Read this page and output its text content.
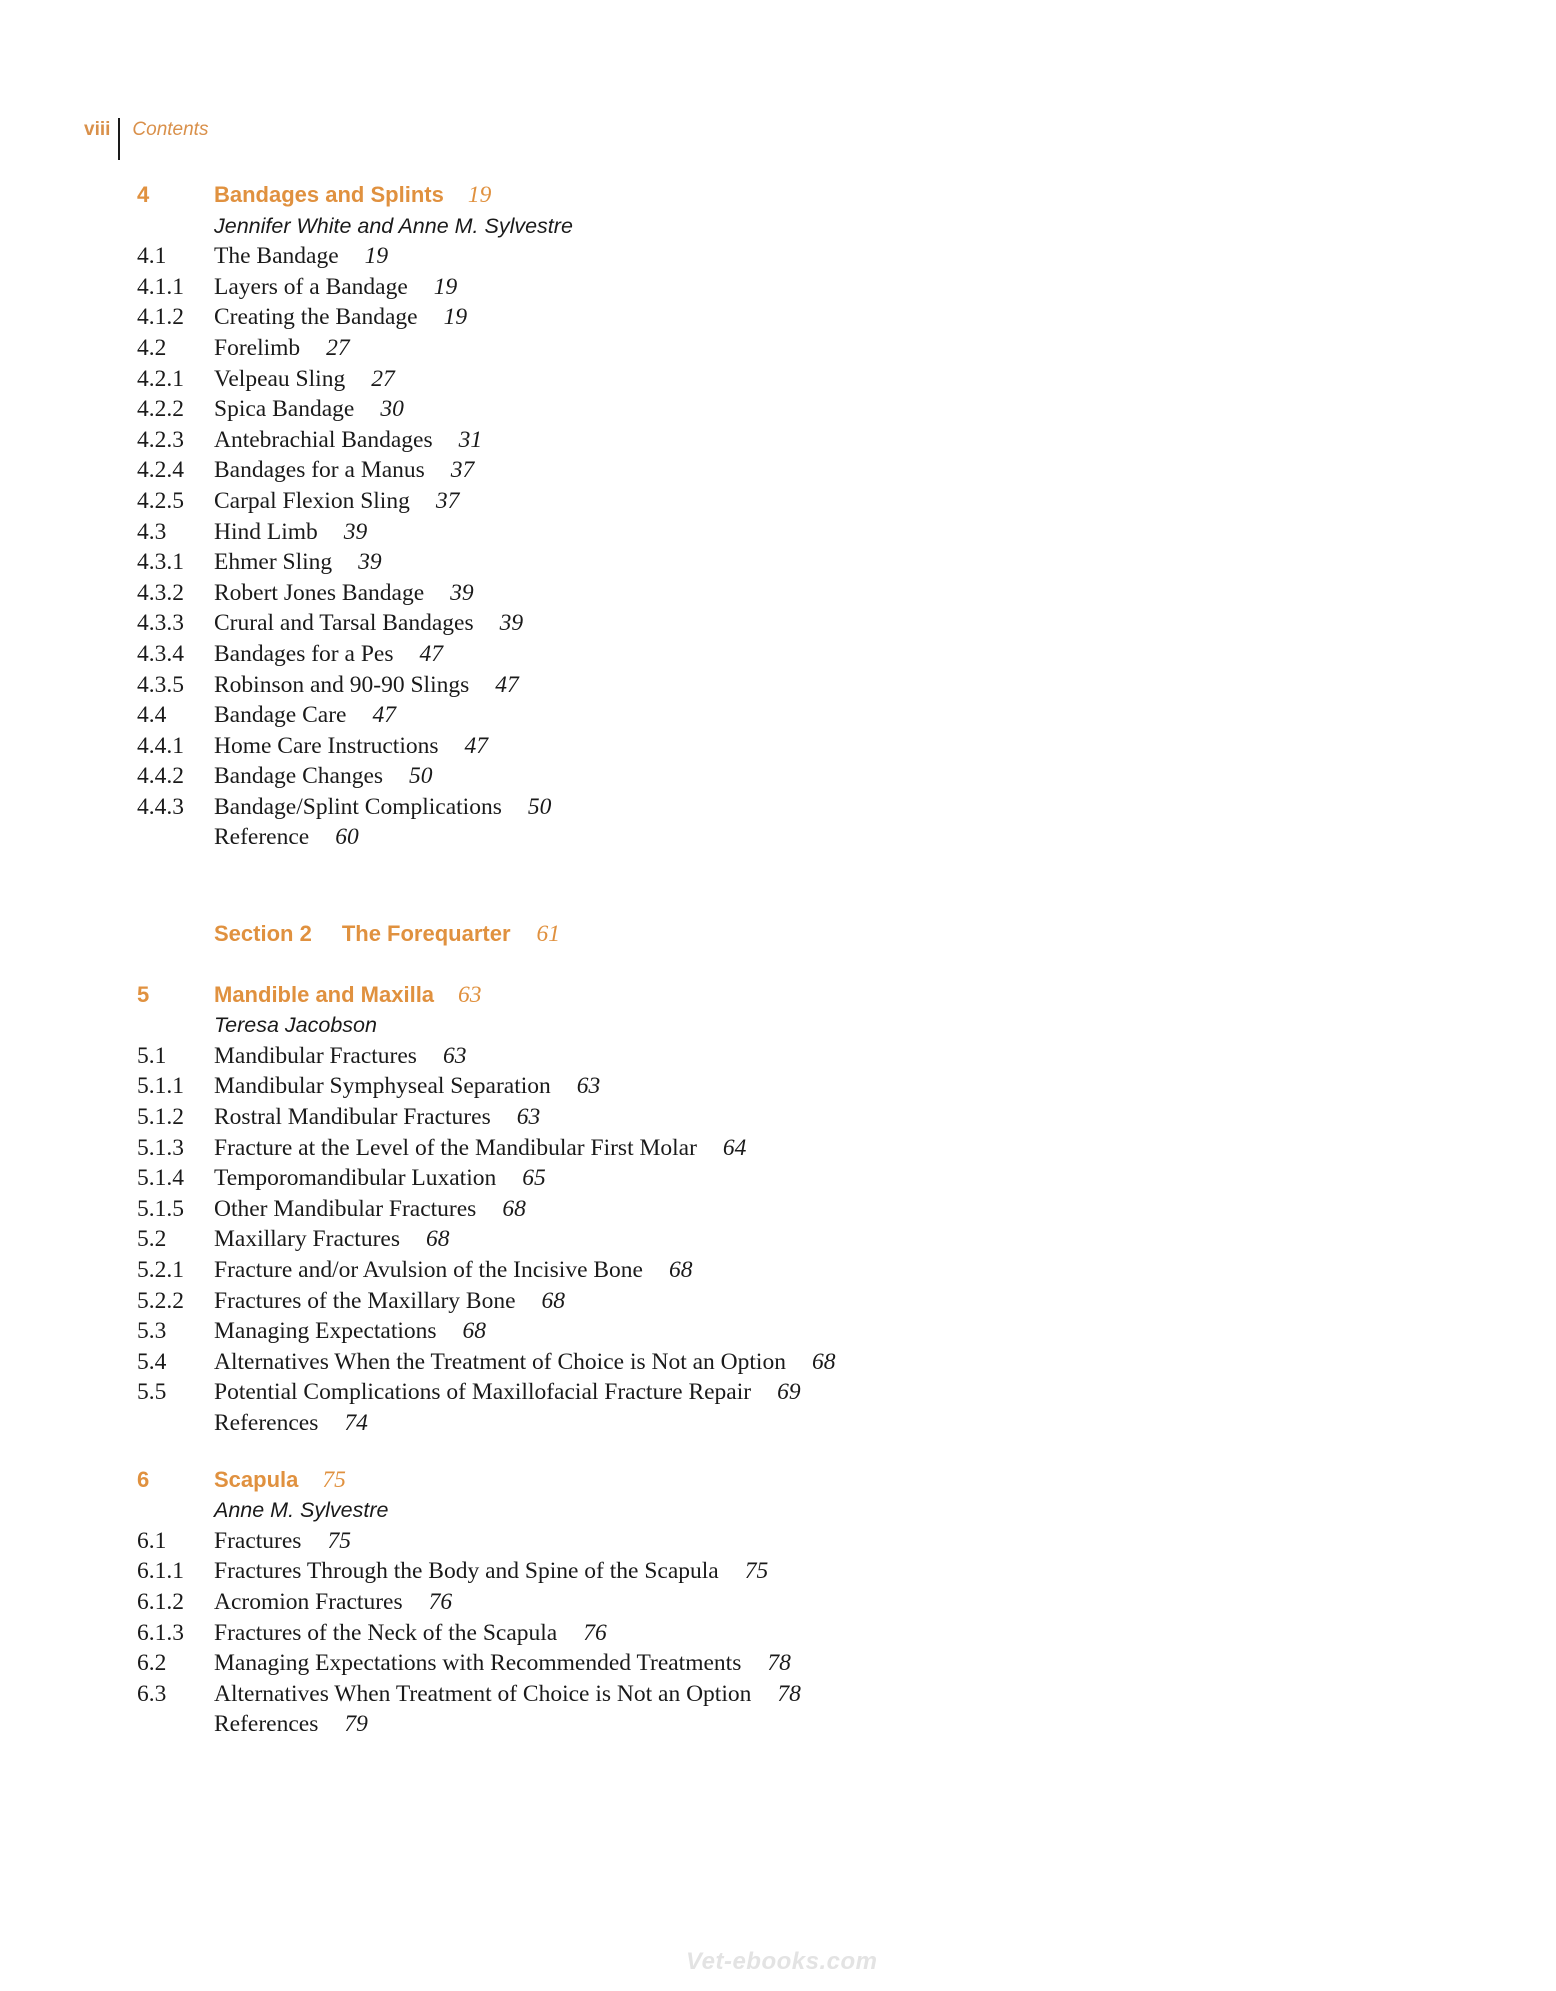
viii	Contents
4	Bandages and Splints 19
Jennifer White and Anne M. Sylvestre
4.1	The Bandage 19
4.1.1	Layers of a Bandage 19
4.1.2	Creating the Bandage 19
4.2	Forelimb 27
4.2.1	Velpeau Sling 27
4.2.2	Spica Bandage 30
4.2.3	Antebrachial Bandages 31
4.2.4	Bandages for a Manus 37
4.2.5	Carpal Flexion Sling 37
4.3	Hind Limb 39
4.3.1	Ehmer Sling 39
4.3.2	Robert Jones Bandage 39
4.3.3	Crural and Tarsal Bandages 39
4.3.4	Bandages for a Pes 47
4.3.5	Robinson and 90-90 Slings 47
4.4	Bandage Care 47
4.4.1	Home Care Instructions 47
4.4.2	Bandage Changes 50
4.4.3	Bandage/Splint Complications 50
Reference 60
Section 2 The Forequarter 61
5	Mandible and Maxilla 63
Teresa Jacobson
5.1	Mandibular Fractures 63
5.1.1	Mandibular Symphyseal Separation 63
5.1.2	Rostral Mandibular Fractures 63
5.1.3	Fracture at the Level of the Mandibular First Molar 64
5.1.4	Temporomandibular Luxation 65
5.1.5	Other Mandibular Fractures 68
5.2	Maxillary Fractures 68
5.2.1	Fracture and/or Avulsion of the Incisive Bone 68
5.2.2	Fractures of the Maxillary Bone 68
5.3	Managing Expectations 68
5.4	Alternatives When the Treatment of Choice is Not an Option 68
5.5	Potential Complications of Maxillofacial Fracture Repair 69
References 74
6	Scapula 75
Anne M. Sylvestre
6.1	Fractures 75
6.1.1	Fractures Through the Body and Spine of the Scapula 75
6.1.2	Acromion Fractures 76
6.1.3	Fractures of the Neck of the Scapula 76
6.2	Managing Expectations with Recommended Treatments 78
6.3	Alternatives When Treatment of Choice is Not an Option 78
References 79
Vet-ebooks.com
